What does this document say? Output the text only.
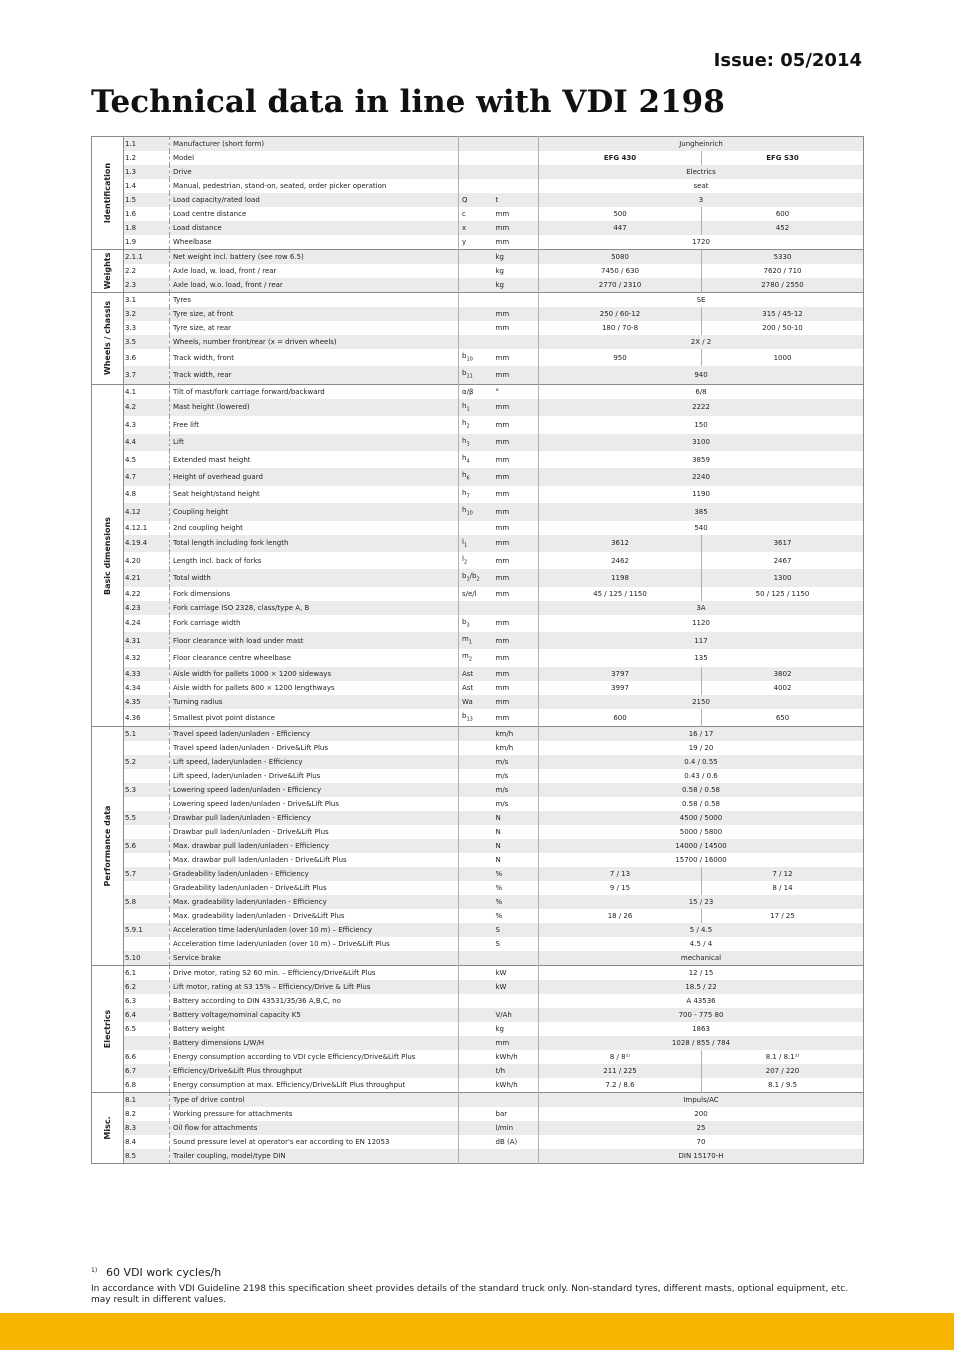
Issue: 05/2014
Technical data in line with VDI 2198
Identification	1.1	Manufacturer (short form)			Jungheinrich	
	1.2	Model			EFG 430	EFG S30
	1.3	Drive			Electrics	
	1.4	Manual, pedestrian, stand-on, seated, order picker operation			seat	
	1.5	Load capacity/rated load	Q	t	3	
	1.6	Load centre distance	c	mm	500	600
	1.8	Load distance	x	mm	447	452
	1.9	Wheelbase	y	mm	1720	

Weights	2.1.1	Net weight incl. battery (see row 6.5)		kg	5080	5330
	2.2	Axle load, w. load, front / rear		kg	7450 / 630	7620 / 710
	2.3	Axle load, w.o. load, front / rear		kg	2770 / 2310	2780 / 2550

Wheels / chassis	3.1	Tyres			SE	
	3.2	Tyre size, at front		mm	250 / 60-12	315 / 45-12
	3.3	Tyre size, at rear		mm	180 / 70-8	200 / 50-10
	3.5	Wheels, number front/rear (x = driven wheels)			2X / 2	
	3.6	Track width, front	$b_{10}$	mm	950	1000
	3.7	Track width, rear	$b_{11}$	mm	940	

Basic dimensions	4.1	Tilt of mast/fork carriage forward/backward	α/β	°	6/8	
	4.2	Mast height (lowered)	$h_1$	mm	2222	
	4.3	Free lift	$h_2$	mm	150	
	4.4	Lift	$h_3$	mm	3100	
	4.5	Extended mast height	$h_4$	mm	3859	
	4.7	Height of overhead guard	$h_6$	mm	2240	
	4.8	Seat height/stand height	$h_7$	mm	1190	
	4.12	Coupling height	$h_{10}$	mm	385	
	4.12.1	2nd coupling height		mm	540	
	4.19.4	Total length including fork length	$l_1$	mm	3612	3617
	4.20	Length incl. back of forks	$l_2$	mm	2462	2467
	4.21	Total width	$b_1/b_2$	mm	1198	1300
	4.22	Fork dimensions	s/e/l	mm	45 / 125 / 1150	50 / 125 / 1150
	4.23	Fork carriage ISO 2328, class/type A, B			3A	
	4.24	Fork carriage width	$b_3$	mm	1120	
	4.31	Floor clearance with load under mast	$m_1$	mm	117	
	4.32	Floor clearance centre wheelbase	$m_2$	mm	135	
	4.33	Aisle width for pallets 1000 × 1200 sideways	Ast	mm	3797	3802
	4.34	Aisle width for pallets 800 × 1200 lengthways	Ast	mm	3997	4002
	4.35	Turning radius	Wa	mm	2150	
	4.36	Smallest pivot point distance	$b_{13}$	mm	600	650

Performance data	5.1	Travel speed laden/unladen - Efficiency		km/h	16 / 17	
		Travel speed laden/unladen - Drive&Lift Plus		km/h	19 / 20	
	5.2	Lift speed, laden/unladen - Efficiency		m/s	0.4 / 0.55	
		Lift speed, laden/unladen - Drive&Lift Plus		m/s	0.43 / 0.6	
	5.3	Lowering speed laden/unladen - Efficiency		m/s	0.58 / 0.58	
		Lowering speed laden/unladen - Drive&Lift Plus		m/s	0.58 / 0.58	
	5.5	Drawbar pull laden/unladen - Efficiency		N	4500 / 5000	
		Drawbar pull laden/unladen - Drive&Lift Plus		N	5000 / 5800	
	5.6	Max. drawbar pull laden/unladen - Efficiency		N	14000 / 14500	
		Max. drawbar pull laden/unladen - Drive&Lift Plus		N	15700 / 16000	
	5.7	Gradeability laden/unladen - Efficiency		%	7 / 13	7 / 12
		Gradeability laden/unladen - Drive&Lift Plus		%	9 / 15	8 / 14
	5.8	Max. gradeability laden/unladen - Efficiency		%	15 / 23	
		Max. gradeability laden/unladen - Drive&Lift Plus		%	18 / 26	17 / 25
	5.9.1	Acceleration time laden/unladen (over 10 m) – Efficiency		S	5 / 4.5	
		Acceleration time laden/unladen (over 10 m) – Drive&Lift Plus		S	4.5 / 4	
	5.10	Service brake			mechanical	

Electrics	6.1	Drive motor, rating S2 60 min. – Efficiency/Drive&Lift Plus		kW	12 / 15	
	6.2	Lift motor, rating at S3 15% – Efficiency/Drive & Lift Plus		kW	18.5 / 22	
	6.3	Battery according to DIN 43531/35/36 A,B,C, no			A 43536	
	6.4	Battery voltage/nominal capacity K5		V/Ah	700 - 775 80	
	6.5	Battery weight		kg	1863	
		Battery dimensions L/W/H		mm	1028 / 855 / 784	
	6.6	Energy consumption according to VDI cycle Efficiency/Drive&Lift Plus		kWh/h	8 / 8¹⁾	8.1 / 8.1¹⁾
	6.7	Efficiency/Drive&Lift Plus throughput		t/h	211 / 225	207 / 220
	6.8	Energy consumption at max. Efficiency/Drive&Lift Plus throughput		kWh/h	7.2 / 8.6	8.1 / 9.5

Misc.	8.1	Type of drive control			Impuls/AC	
	8.2	Working pressure for attachments		bar	200	
	8.3	Oil flow for attachments		l/min	25	
	8.4	Sound pressure level at operator's ear according to EN 12053		dB (A)	70	
	8.5	Trailer coupling, model/type DIN			DIN 15170-H	
$^{1)}$ 60 VDI work cycles/h
In accordance with VDI Guideline 2198 this specification sheet provides details of the standard truck only. Non-standard tyres, different masts, optional equipment, etc. may result in different values.
